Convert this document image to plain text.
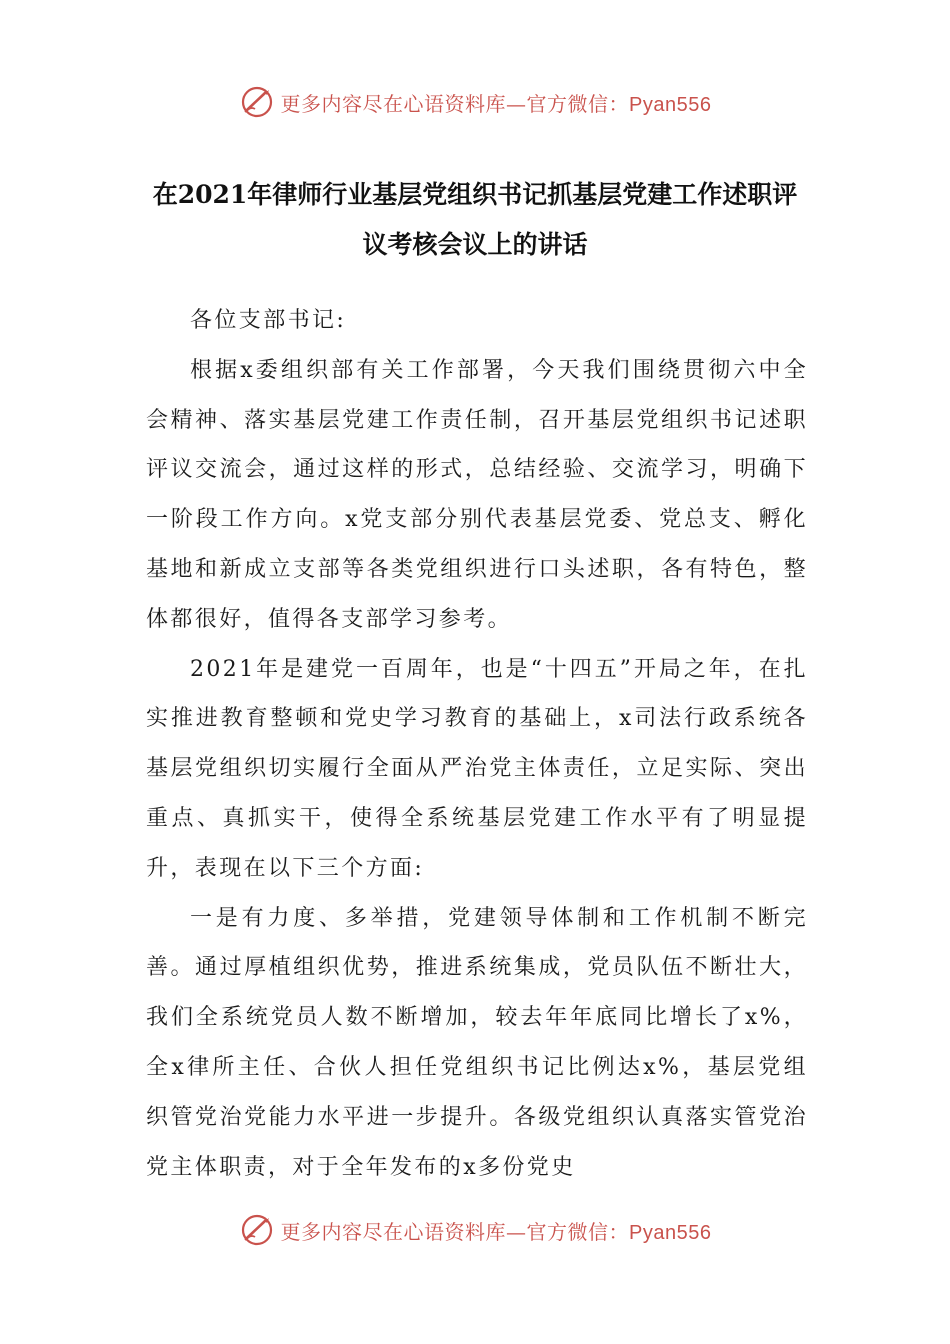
更多内容尽在心语资料库—官方微信：Pyan556
在2021年律师行业基层党组织书记抓基层党建工作述职评
议考核会议上的讲话

各位支部书记:

根据x委组织部有关工作部署，今天我们围绕贯彻六中全会精神、落实基层党建工作责任制，召开基层党组织书记述职评议交流会，通过这样的形式，总结经验、交流学习，明确下一阶段工作方向。x党支部分别代表基层党委、党总支、孵化基地和新成立支部等各类党组织进行口头述职，各有特色，整体都很好，值得各支部学习参考。

2021年是建党一百周年，也是“十四五”开局之年，在扎实推进教育整顿和党史学习教育的基础上，x司法行政系统各基层党组织切实履行全面从严治党主体责任，立足实际、突出重点、真抓实干，使得全系统基层党建工作水平有了明显提升，表现在以下三个方面:

一是有力度、多举措，党建领导体制和工作机制不断完善。通过厚植组织优势，推进系统集成，党员队伍不断壮大，我们全系统党员人数不断增加，较去年年底同比增长了x%，全x律所主任、合伙人担任党组织书记比例达x%，基层党组织管党治党能力水平进一步提升。各级党组织认真落实管党治党主体职责，对于全年发布的x多份党史

更多内容尽在心语资料库—官方微信：Pyan556
